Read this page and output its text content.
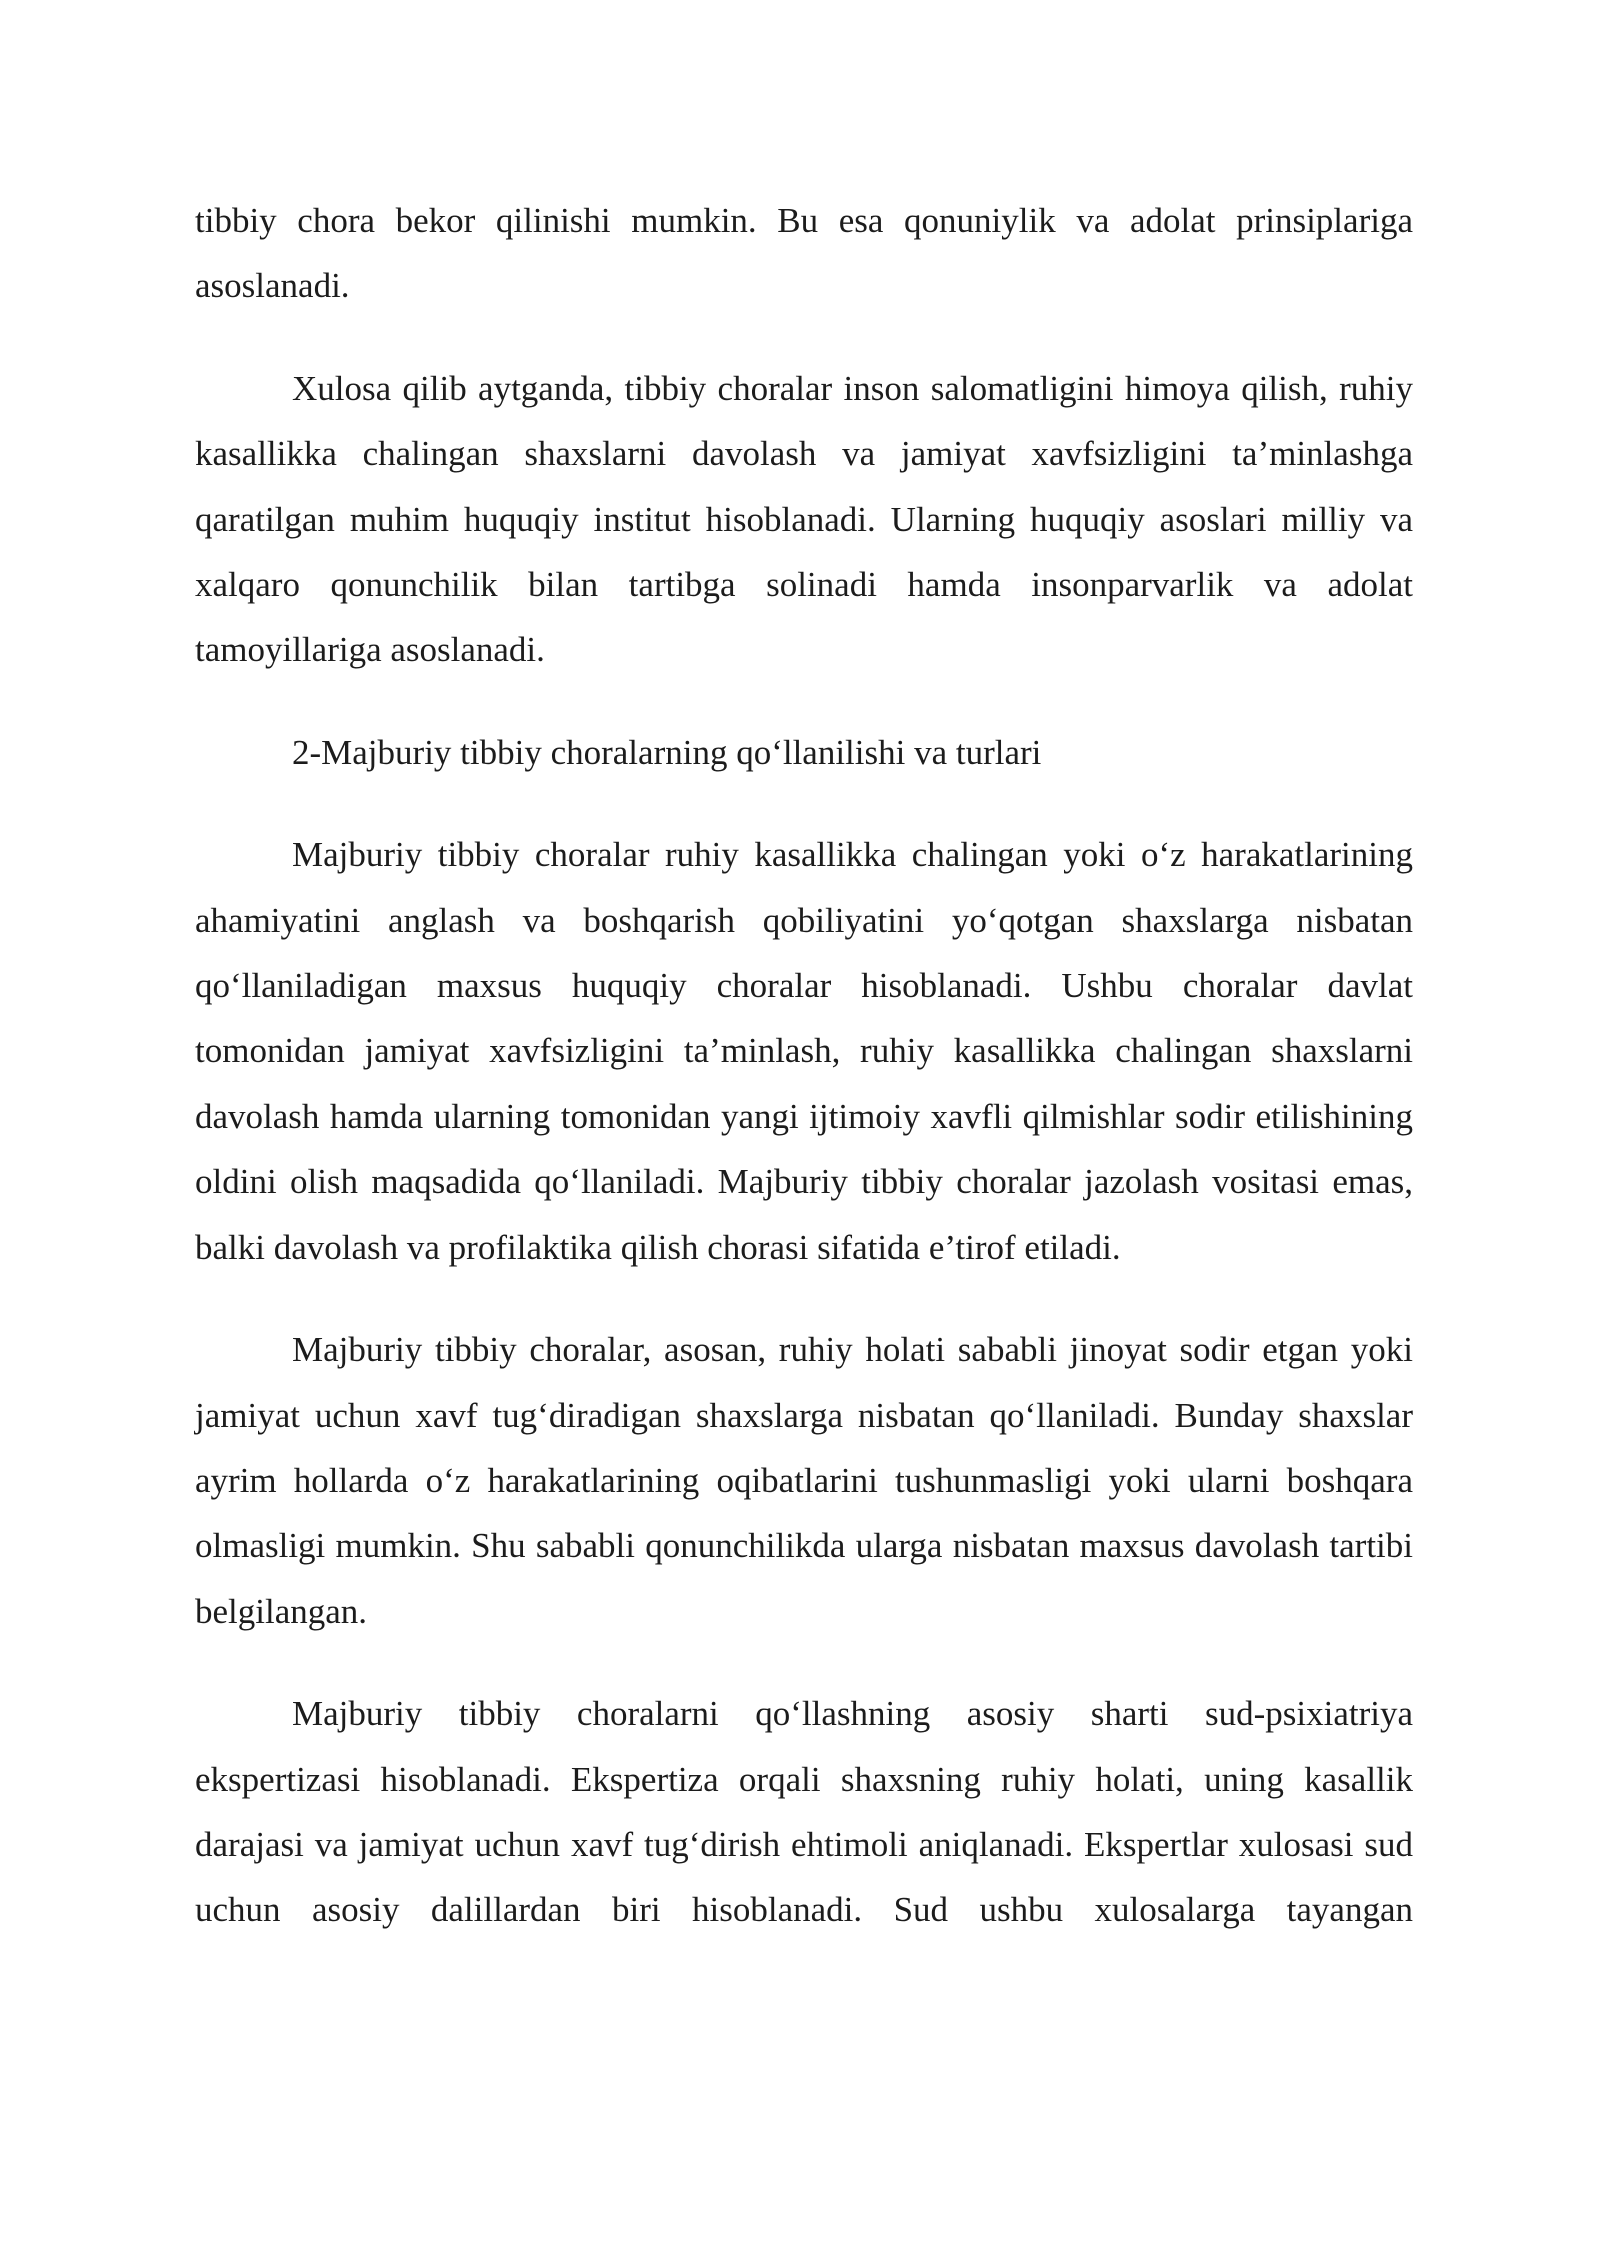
tibbiy chora bekor qilinishi mumkin. Bu esa qonuniylik va adolat prinsiplariga asoslanadi.

Xulosa qilib aytganda, tibbiy choralar inson salomatligini himoya qilish, ruhiy kasallikka chalingan shaxslarni davolash va jamiyat xavfsizligini ta’minlashga qaratilgan muhim huquqiy institut hisoblanadi. Ularning huquqiy asoslari milliy va xalqaro qonunchilik bilan tartibga solinadi hamda insonparvarlik va adolat tamoyillariga asoslanadi.

2-Majburiy tibbiy choralarning qo‘llanilishi va turlari

Majburiy tibbiy choralar ruhiy kasallikka chalingan yoki o‘z harakatlarining ahamiyatini anglash va boshqarish qobiliyatini yo‘qotgan shaxslarga nisbatan qo‘llaniladigan maxsus huquqiy choralar hisoblanadi. Ushbu choralar davlat tomonidan jamiyat xavfsizligini ta’minlash, ruhiy kasallikka chalingan shaxslarni davolash hamda ularning tomonidan yangi ijtimoiy xavfli qilmishlar sodir etilishining oldini olish maqsadida qo‘llaniladi. Majburiy tibbiy choralar jazolash vositasi emas, balki davolash va profilaktika qilish chorasi sifatida e’tirof etiladi.

Majburiy tibbiy choralar, asosan, ruhiy holati sababli jinoyat sodir etgan yoki jamiyat uchun xavf tug‘diradigan shaxslarga nisbatan qo‘llaniladi. Bunday shaxslar ayrim hollarda o‘z harakatlarining oqibatlarini tushunmasligi yoki ularni boshqara olmasligi mumkin. Shu sababli qonunchilikda ularga nisbatan maxsus davolash tartibi belgilangan.

Majburiy tibbiy choralarni qo‘llashning asosiy sharti sud-psixiatriya ekspertizasi hisoblanadi. Ekspertiza orqali shaxsning ruhiy holati, uning kasallik darajasi va jamiyat uchun xavf tug‘dirish ehtimoli aniqlanadi. Ekspertlar xulosasi sud uchun asosiy dalillardan biri hisoblanadi. Sud ushbu xulosalarga tayangan
